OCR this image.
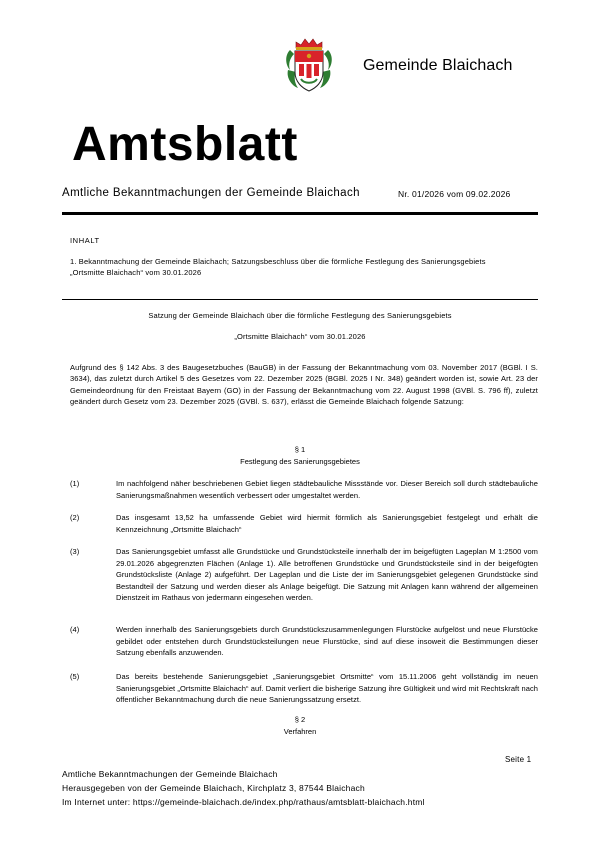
Gemeinde Blaichach
Amtsblatt
Amtliche Bekanntmachungen der Gemeinde Blaichach	Nr. 01/2026 vom 09.02.2026
INHALT
1. Bekanntmachung der Gemeinde Blaichach; Satzungsbeschluss über die förmliche Festlegung des Sanierungsgebiets „Ortsmitte Blaichach“ vom 30.01.2026
Satzung der Gemeinde Blaichach über die förmliche Festlegung des Sanierungsgebiets
„Ortsmitte Blaichach“ vom 30.01.2026
Aufgrund des § 142 Abs. 3 des Baugesetzbuches (BauGB) in der Fassung der Bekanntmachung vom 03. November 2017 (BGBl. I S. 3634), das zuletzt durch Artikel 5 des Gesetzes vom 22. Dezember 2025 (BGBl. 2025 I Nr. 348) geändert worden ist, sowie Art. 23 der Gemeindeordnung für den Freistaat Bayern (GO) in der Fassung der Bekanntmachung vom 22. August 1998 (GVBl. S. 796 ff), zuletzt geändert durch Gesetz vom 23. Dezember 2025 (GVBl. S. 637), erlässt die Gemeinde Blaichach folgende Satzung:
§ 1
Festlegung des Sanierungsgebietes
(1)	Im nachfolgend näher beschriebenen Gebiet liegen städtebauliche Missstände vor. Dieser Bereich soll durch städtebauliche Sanierungsmaßnahmen wesentlich verbessert oder umgestaltet werden.
(2)	Das insgesamt 13,52 ha umfassende Gebiet wird hiermit förmlich als Sanierungsgebiet festgelegt und erhält die Kennzeichnung „Ortsmitte Blaichach“
(3)	Das Sanierungsgebiet umfasst alle Grundstücke und Grundstücksteile innerhalb der im beigefügten Lageplan M 1:2500 vom 29.01.2026 abgegrenzten Flächen (Anlage 1). Alle betroffenen Grundstücke und Grundstücksteile sind in der beigefügten Grundstücksliste (Anlage 2) aufgeführt. Der Lageplan und die Liste der im Sanierungsgebiet gelegenen Grundstücke sind Bestandteil der Satzung und werden dieser als Anlage beigefügt. Die Satzung mit Anlagen kann während der allgemeinen Dienstzeit im Rathaus von jedermann eingesehen werden.
(4)	Werden innerhalb des Sanierungsgebiets durch Grundstückszusammenlegungen Flurstücke aufgelöst und neue Flurstücke gebildet oder entstehen durch Grundstücksteilungen neue Flurstücke, sind auf diese insoweit die Bestimmungen dieser Satzung ebenfalls anzuwenden.
(5)	Das bereits bestehende Sanierungsgebiet „Sanierungsgebiet Ortsmitte“ vom 15.11.2006 geht vollständig im neuen Sanierungsgebiet „Ortsmitte Blaichach“ auf. Damit verliert die bisherige Satzung ihre Gültigkeit und wird mit Rechtskraft nach öffentlicher Bekanntmachung durch die neue Sanierungssatzung ersetzt.
§ 2
Verfahren
Seite 1
Amtliche Bekanntmachungen der Gemeinde Blaichach
Herausgegeben von der Gemeinde Blaichach, Kirchplatz 3, 87544 Blaichach
Im Internet unter: https://gemeinde-blaichach.de/index.php/rathaus/amtsblatt-blaichach.html
